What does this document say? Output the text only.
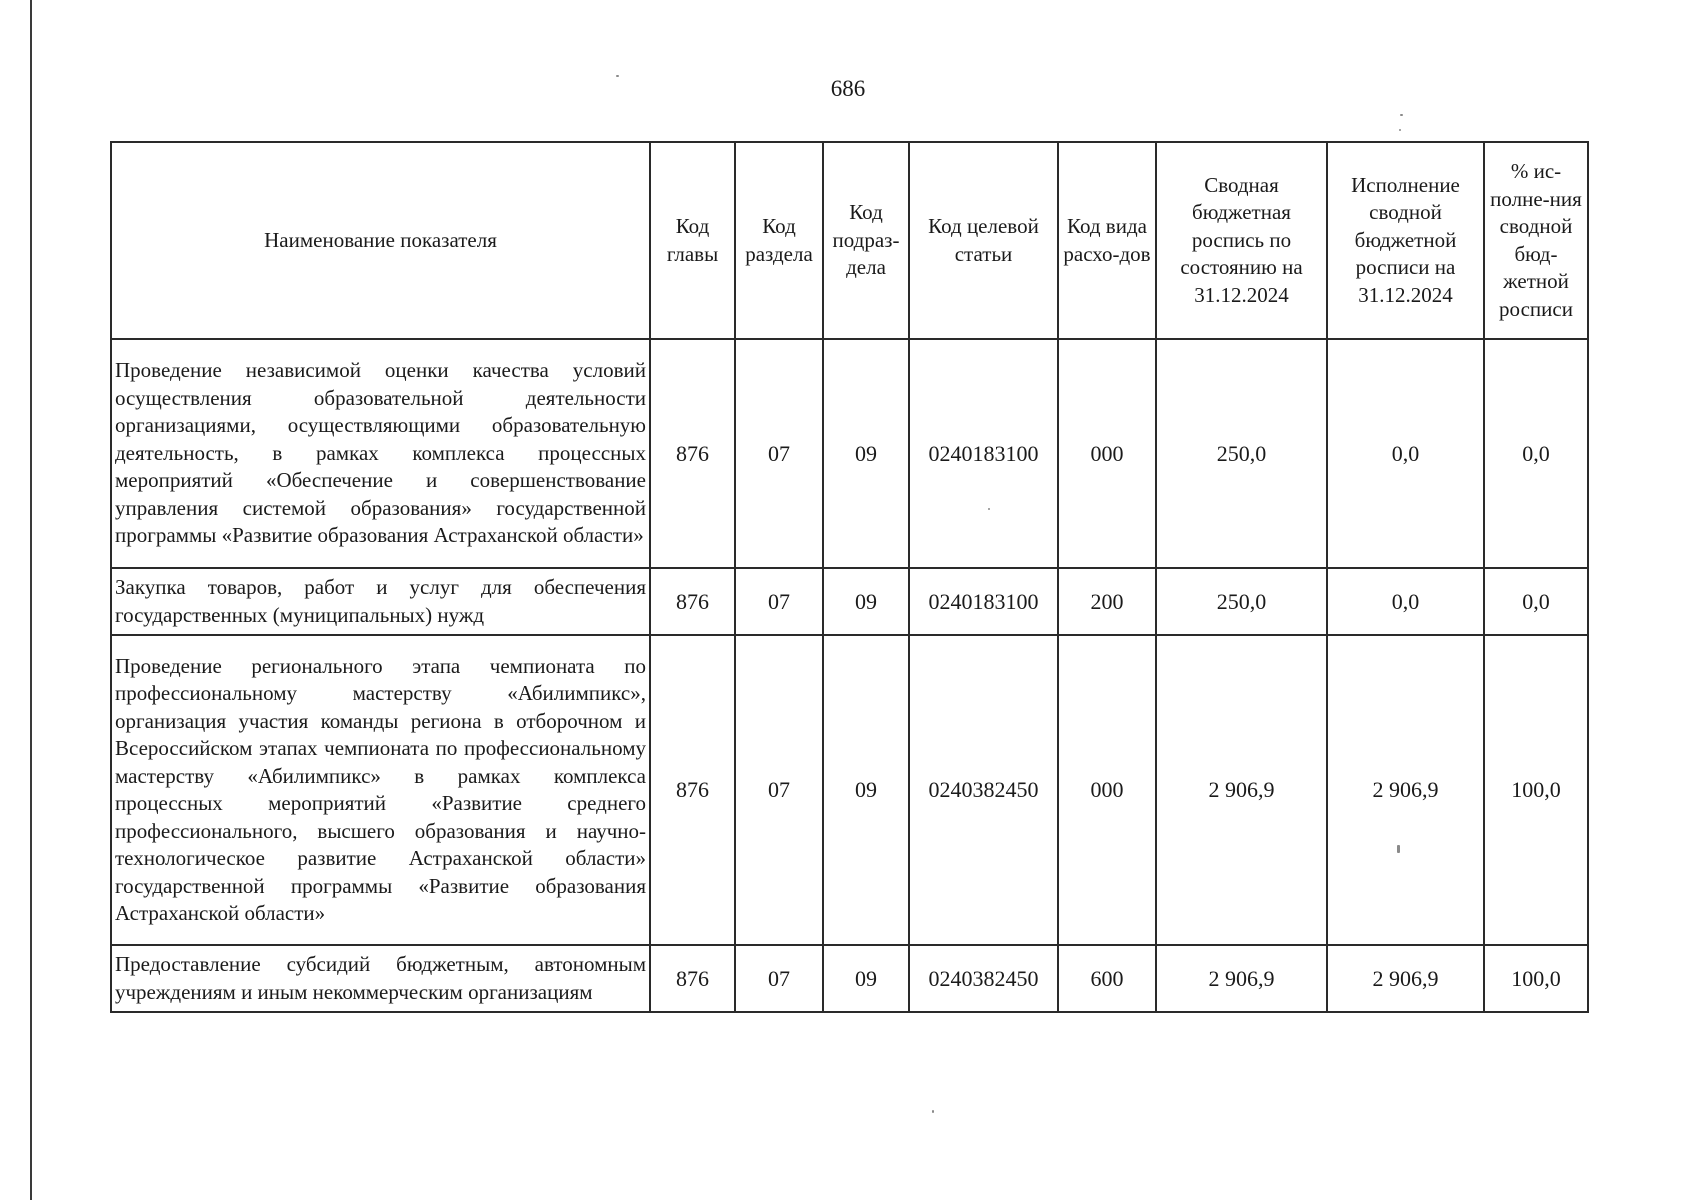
686
Наименование показателя	Код главы	Код раздела	Код подраз-дела	Код целевой статьи	Код вида расхо-дов	Сводная бюджетная роспись по состоянию на 31.12.2024	Исполнение сводной бюджетной росписи на 31.12.2024	% ис-полне-ния сводной бюд-жетной росписи
Проведение независимой оценки качества условий осуществления образовательной деятельности организациями, осуществляющими образовательную деятельность, в рамках комплекса процессных мероприятий «Обеспечение и совершенствование управления системой образования» государственной программы «Развитие образования Астраханской области»	876	07	09	0240183100	000	250,0	0,0	0,0
Закупка товаров, работ и услуг для обеспечения государственных (муниципальных) нужд	876	07	09	0240183100	200	250,0	0,0	0,0
Проведение регионального этапа чемпионата по профессиональному мастерству «Абилимпикс», организация участия команды региона в отборочном и Всероссийском этапах чемпионата по профессиональному мастерству «Абилимпикс» в рамках комплекса процессных мероприятий «Развитие среднего профессионального, высшего образования и научно-технологическое развитие Астраханской области» государственной программы «Развитие образования Астраханской области»	876	07	09	0240382450	000	2 906,9	2 906,9	100,0
Предоставление субсидий бюджетным, автономным учреждениям и иным некоммерческим организациям	876	07	09	0240382450	600	2 906,9	2 906,9	100,0
